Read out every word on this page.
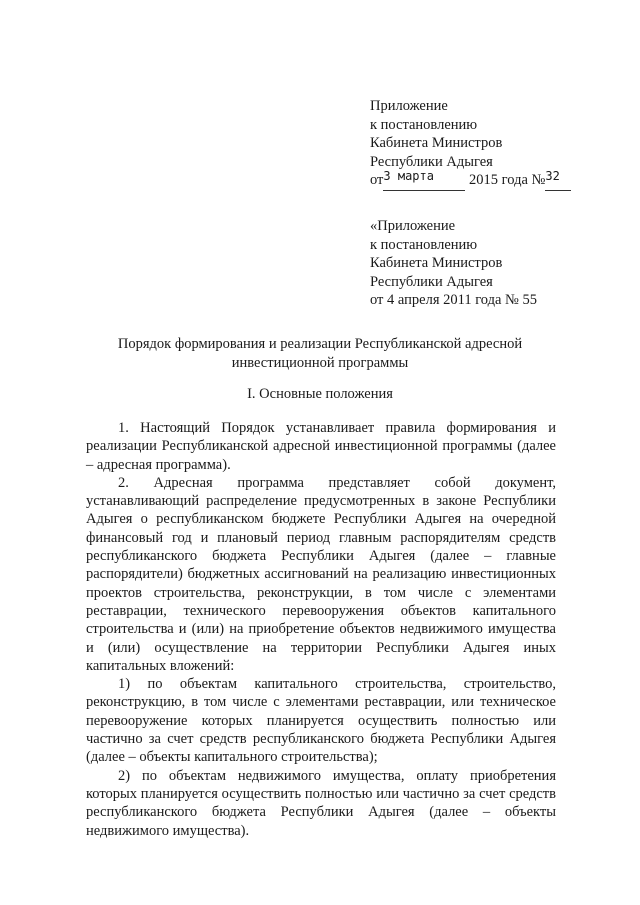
Приложение
к постановлению
Кабинета Министров
Республики Адыгея
$от^{3 марта}$ 2015 года №$^{32}$
«Приложение
к постановлению
Кабинета Министров
Республики Адыгея
от 4 апреля 2011 года № 55
Порядок формирования и реализации Республиканской адресной инвестиционной программы
I. Основные положения

1. Настоящий Порядок устанавливает правила формирования и реализации Республиканской адресной инвестиционной программы (далее – адресная программа).

2. Адресная программа представляет собой документ, устанавливающий распределение предусмотренных в законе Республики Адыгея о республиканском бюджете Республики Адыгея на очередной финансовый год и плановый период главным распорядителям средств республиканского бюджета Республики Адыгея (далее – главные распорядители) бюджетных ассигнований на реализацию инвестиционных проектов строительства, реконструкции, в том числе с элементами реставрации, технического перевооружения объектов капитального строительства и (или) на приобретение объектов недвижимого имущества и (или) осуществление на территории Республики Адыгея иных капитальных вложений:

1) по объектам капитального строительства, строительство, реконструкцию, в том числе с элементами реставрации, или техническое перевооружение которых планируется осуществить полностью или частично за счет средств республиканского бюджета Республики Адыгея (далее – объекты капитального строительства);

2) по объектам недвижимого имущества, оплату приобретения которых планируется осуществить полностью или частично за счет средств республиканского бюджета Республики Адыгея (далее – объекты недвижимого имущества).
